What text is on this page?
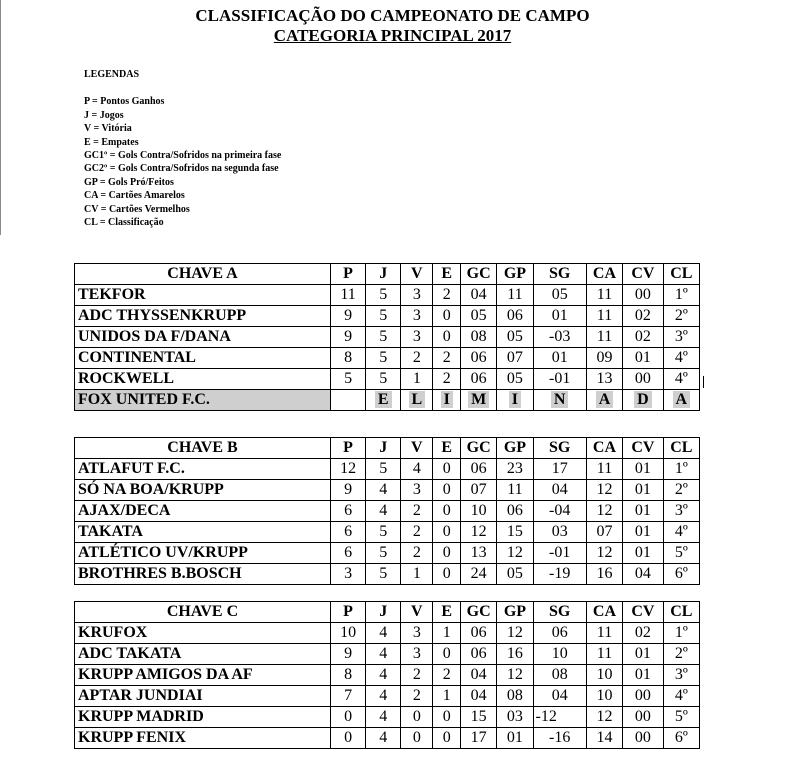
CLASSIFICAÇÃO DO CAMPEONATO DE CAMPO
CATEGORIA PRINCIPAL 2017
LEGENDAS
P = Pontos Ganhos
J = Jogos
V = Vitória
E = Empates
GC1º = Gols Contra/Sofridos na primeira fase
GC2º = Gols Contra/Sofridos na segunda fase
GP = Gols Pró/Feitos
CA = Cartões Amarelos
CV = Cartões Vermelhos
CL = Classificação
CHAVE A	P	J	V	E	GC	GP	SG	CA	CV	CL
TEKFOR	11	5	3	2	04	11	05	11	00	1º
ADC THYSSENKRUPP	9	5	3	0	05	06	01	11	02	2º
UNIDOS DA F/DANA	9	5	3	0	08	05	-03	11	02	3º
CONTINENTAL	8	5	2	2	06	07	01	09	01	4º
ROCKWELL	5	5	1	2	06	05	-01	13	00	4º
FOX UNITED F.C.		E	L	I	M	I	N	A	D	A
CHAVE B	P	J	V	E	GC	GP	SG	CA	CV	CL
ATLAFUT F.C.	12	5	4	0	06	23	17	11	01	1º
SÓ NA BOA/KRUPP	9	4	3	0	07	11	04	12	01	2º
AJAX/DECA	6	4	2	0	10	06	-04	12	01	3º
TAKATA	6	5	2	0	12	15	03	07	01	4º
ATLÉTICO UV/KRUPP	6	5	2	0	13	12	-01	12	01	5º
BROTHRES B.BOSCH	3	5	1	0	24	05	-19	16	04	6º
CHAVE C	P	J	V	E	GC	GP	SG	CA	CV	CL
KRUFOX	10	4	3	1	06	12	06	11	02	1º
ADC TAKATA	9	4	3	0	06	16	10	11	01	2º
KRUPP AMIGOS DA AF	8	4	2	2	04	12	08	10	01	3º
APTAR JUNDIAI	7	4	2	1	04	08	04	10	00	4º
KRUPP MADRID	0	4	0	0	15	03	-12	12	00	5º
KRUPP FENIX	0	4	0	0	17	01	-16	14	00	6º
